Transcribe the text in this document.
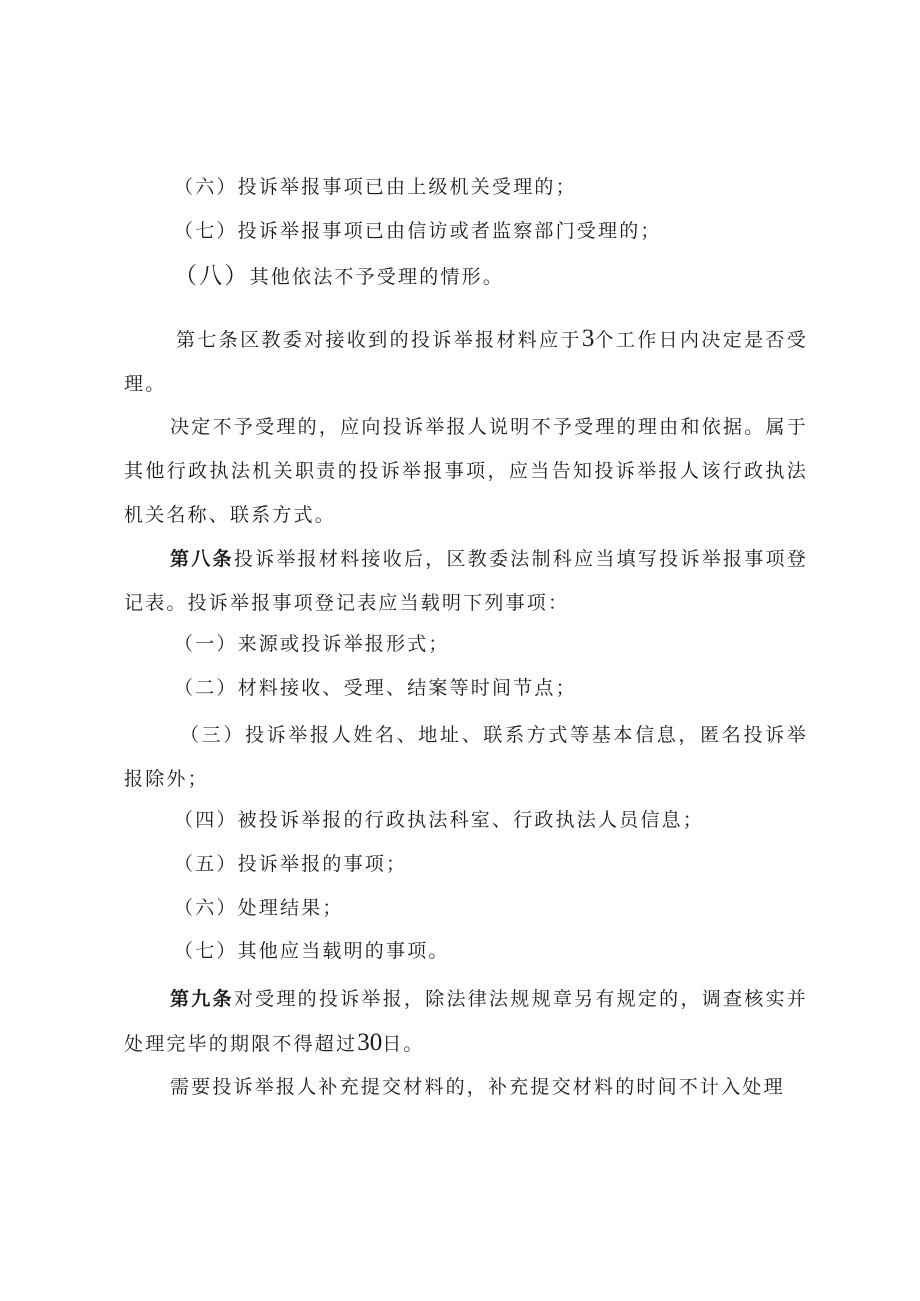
（六）投诉举报事项已由上级机关受理的；
（七）投诉举报事项已由信访或者监察部门受理的；
（八）其他依法不予受理的情形。
第七条区教委对接收到的投诉举报材料应于3个工作日内决定是否受理。
决定不予受理的，应向投诉举报人说明不予受理的理由和依据。属于其他行政执法机关职责的投诉举报事项，应当告知投诉举报人该行政执法机关名称、联系方式。
第八条投诉举报材料接收后，区教委法制科应当填写投诉举报事项登记表。投诉举报事项登记表应当载明下列事项：
（一）来源或投诉举报形式；
（二）材料接收、受理、结案等时间节点；
（三）投诉举报人姓名、地址、联系方式等基本信息，匿名投诉举报除外；
（四）被投诉举报的行政执法科室、行政执法人员信息；
（五）投诉举报的事项；
（六）处理结果；
（七）其他应当载明的事项。
第九条对受理的投诉举报，除法律法规规章另有规定的，调查核实并处理完毕的期限不得超过30日。
需要投诉举报人补充提交材料的，补充提交材料的时间不计入处理
